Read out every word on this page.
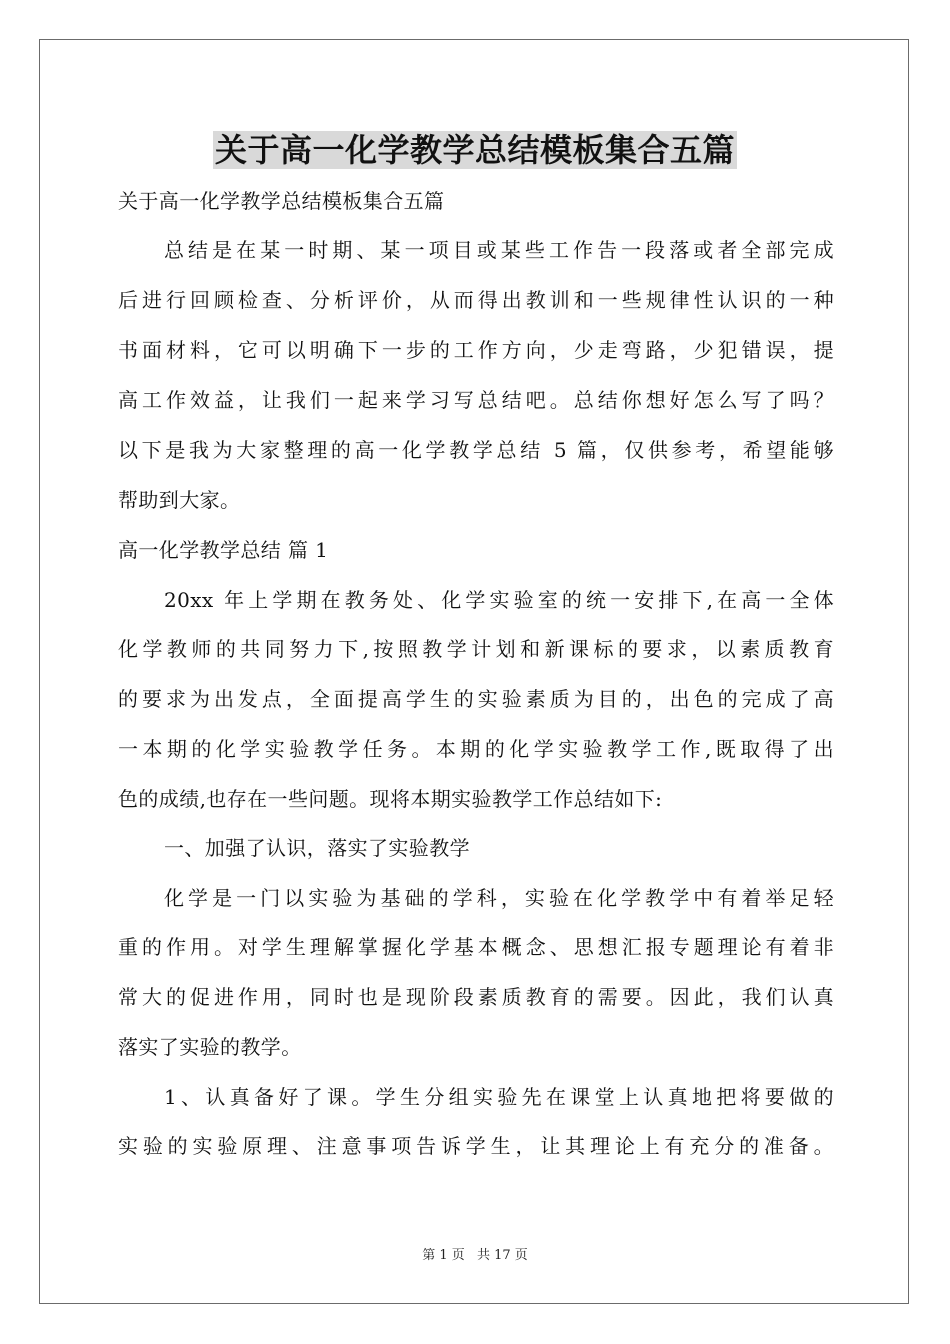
关于高一化学教学总结模板集合五篇

关于高一化学教学总结模板集合五篇

总结是在某一时期、某一项目或某些工作告一段落或者全部完成

后进行回顾检查、分析评价，从而得出教训和一些规律性认识的一种

书面材料，它可以明确下一步的工作方向，少走弯路，少犯错误，提

高工作效益，让我们一起来学习写总结吧。总结你想好怎么写了吗？

以下是我为大家整理的高一化学教学总结 5 篇，仅供参考，希望能够

帮助到大家。

高一化学教学总结 篇 1

20xx 年上学期在教务处、化学实验室的统一安排下,在高一全体

化学教师的共同努力下,按照教学计划和新课标的要求，以素质教育

的要求为出发点，全面提高学生的实验素质为目的，出色的完成了高

一本期的化学实验教学任务。本期的化学实验教学工作,既取得了出

色的成绩,也存在一些问题。现将本期实验教学工作总结如下:

一、加强了认识，落实了实验教学

化学是一门以实验为基础的学科，实验在化学教学中有着举足轻

重的作用。对学生理解掌握化学基本概念、思想汇报专题理论有着非

常大的促进作用，同时也是现阶段素质教育的需要。因此，我们认真

落实了实验的教学。

1、认真备好了课。学生分组实验先在课堂上认真地把将要做的

实验的实验原理、注意事项告诉学生，让其理论上有充分的准备。

第 1 页 共 17 页
